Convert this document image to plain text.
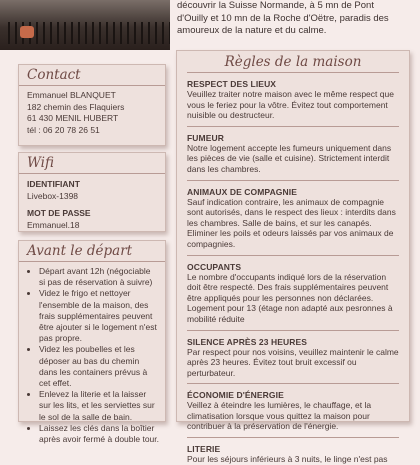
découvrir la Suisse Normande, à 5 mn de Pont
d'Ouilly et 10 mn de la Roche d'Oëtre, paradis des
amoureux de la nature et du calme.
Contact
Emmanuel BLANQUET
182 chemin des Flaquiers
61 430 MENIL HUBERT
tél : 06 20 78 26 51
Wifi
IDENTIFIANT
Livebox-1398
MOT DE PASSE
Emmanuel.18
Avant le départ
• Départ avant 12h (négociable si pas de réservation à suivre)
• Videz le frigo et nettoyer l'ensemble de la maison, des frais supplémentaires peuvent être ajouter si le logement n'est pas propre.
• Videz les poubelles et les déposer au bas du chemin dans les containers prévus à cet effet.
• Enlevez la literie et la laisser sur les lits, et les serviettes sur le sol de la salle de bain.
• Laissez les clés dans la boîtier après avoir fermé à double tour.
Règles de la maison
RESPECT DES LIEUX

Veuillez traiter notre maison avec le même respect que vous le feriez pour la vôtre. Évitez tout comportement nuisible ou destructeur.

FUMEUR

Notre logement accepte les fumeurs uniquement dans les pièces de vie (salle et cuisine). Strictement interdit dans les chambres.

ANIMAUX DE COMPAGNIE

Sauf indication contraire, les animaux de compagnie sont autorisés, dans le respect des lieux : interdits dans les chambres. Salle de bains, et sur les canapés. Eliminer les poils et odeurs laissés par vos animaux de compagnies.

OCCUPANTS

Le nombre d'occupants indiqué lors de la réservation doit être respecté. Des frais supplémentaires peuvent être appliqués pour les personnes non déclarées. Logement pour 13 (étage non adapté aux pesronnes à mobilité réduite

SILENCE APRÈS 23 HEURES

Par respect pour nos voisins, veuillez maintenir le calme après 23 heures. Évitez tout bruit excessif ou perturbateur.

ÉCONOMIE D'ÉNERGIE

Veillez à éteindre les lumières, le chauffage, et la climatisation lorsque vous quittez la maison pour contribuer à la préservation de l'énergie.

LITERIE

Pour les séjours inférieurs à 3 nuits, le linge n'est pas
